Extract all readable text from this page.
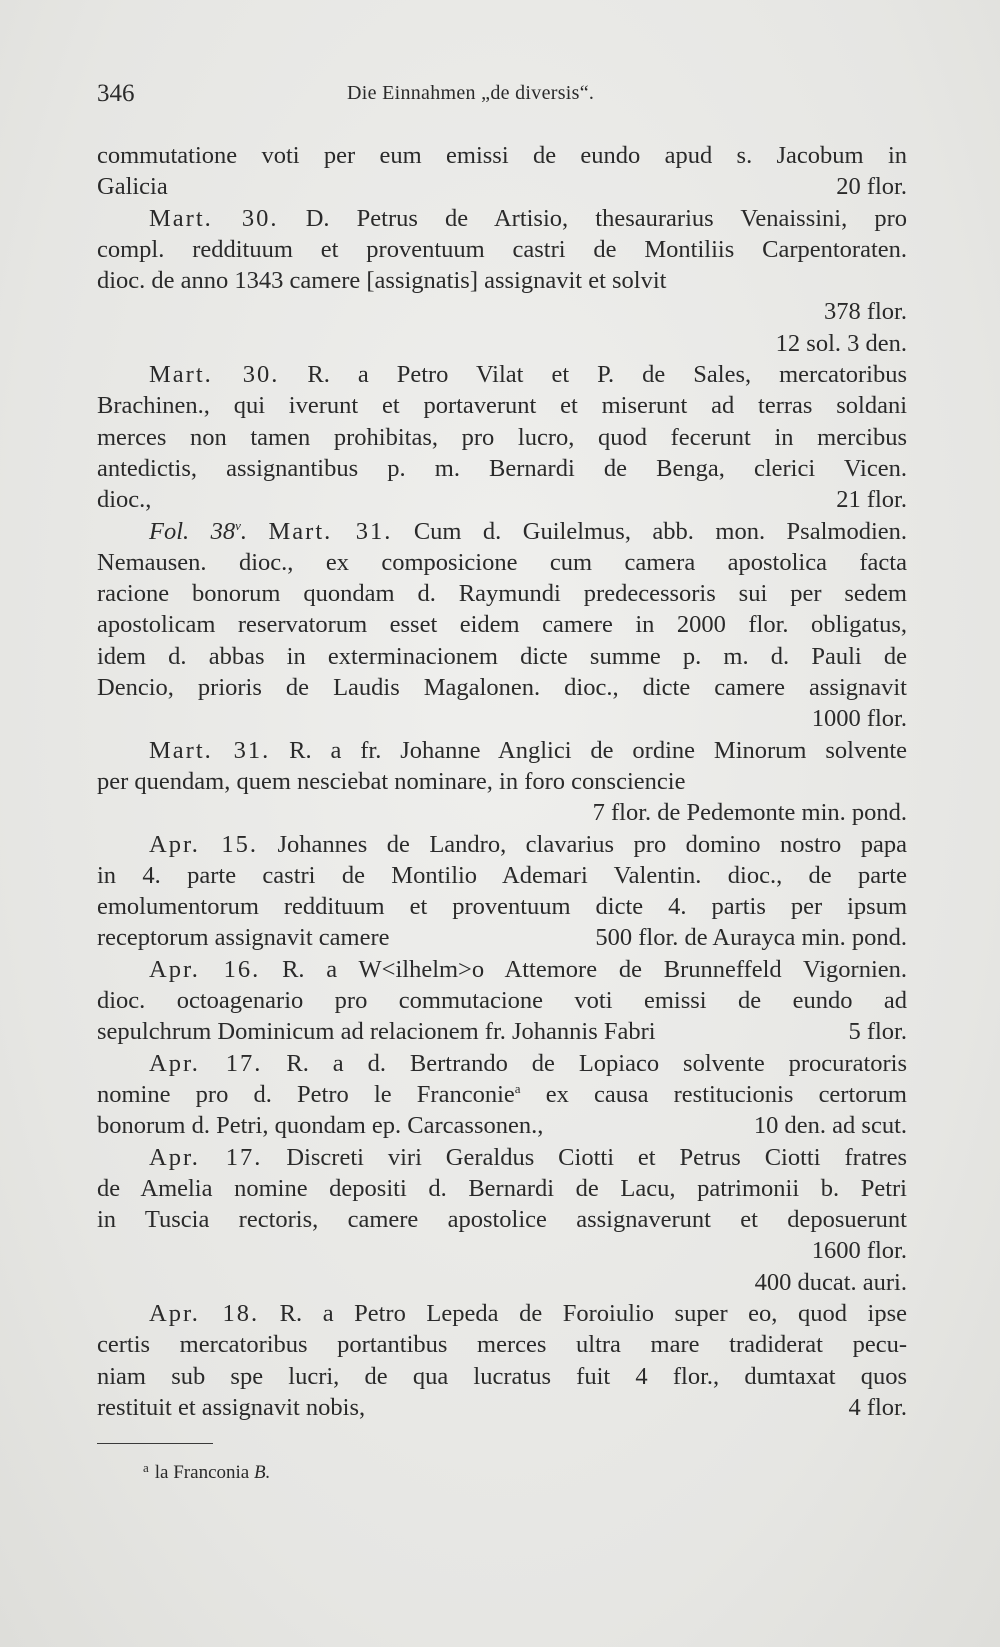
346	Die Einnahmen „de diversis“.
commutatione voti per eum emissi de eundo apud s. Jacobum in
Galicia	20 flor.
Mart. 30. D. Petrus de Artisio, thesaurarius Venaissini, pro
compl. reddituum et proventuum castri de Montiliis Carpentoraten.
dioc. de anno 1343 camere [assignatis] assignavit et solvit
378 flor.
12 sol. 3 den.
Mart. 30. R. a Petro Vilat et P. de Sales, mercatoribus
Brachinen., qui iverunt et portaverunt et miserunt ad terras soldani
merces non tamen prohibitas, pro lucro, quod fecerunt in mercibus
antedictis, assignantibus p. m. Bernardi de Benga, clerici Vicen.
dioc.,	21 flor.
Fol. 38$^v$. Mart. 31. Cum d. Guilelmus, abb. mon. Psalmodien.
Nemausen. dioc., ex composicione cum camera apostolica facta
racione bonorum quondam d. Raymundi predecessoris sui per sedem
apostolicam reservatorum esset eidem camere in 2000 flor. obligatus,
idem d. abbas in exterminacionem dicte summe p. m. d. Pauli de
Dencio, prioris de Laudis Magalonen. dioc., dicte camere assignavit
1000 flor.
Mart. 31. R. a fr. Johanne Anglici de ordine Minorum solvente
per quendam, quem nesciebat nominare, in foro consciencie
7 flor. de Pedemonte min. pond.
Apr. 15. Johannes de Landro, clavarius pro domino nostro papa
in 4. parte castri de Montilio Ademari Valentin. dioc., de parte
emolumentorum reddituum et proventuum dicte 4. partis per ipsum
receptorum assignavit camere	500 flor. de Aurayca min. pond.
Apr. 16. R. a W<ilhelm>o Attemore de Brunneffeld Vigornien.
dioc. octoagenario pro commutacione voti emissi de eundo ad
sepulchrum Dominicum ad relacionem fr. Johannis Fabri	5 flor.
Apr. 17. R. a d. Bertrando de Lopiaco solvente procuratoris
nomine pro d. Petro le Franconie$^a$ ex causa restitucionis certorum
bonorum d. Petri, quondam ep. Carcassonen.,	10 den. ad scut.
Apr. 17. Discreti viri Geraldus Ciotti et Petrus Ciotti fratres
de Amelia nomine depositi d. Bernardi de Lacu, patrimonii b. Petri
in Tuscia rectoris, camere apostolice assignaverunt et deposuerunt
1600 flor.
400 ducat. auri.
Apr. 18. R. a Petro Lepeda de Foroiulio super eo, quod ipse
certis mercatoribus portantibus merces ultra mare tradiderat pecu-
niam sub spe lucri, de qua lucratus fuit 4 flor., dumtaxat quos
restituit et assignavit nobis,	4 flor.
$^a$ la Franconia B.
